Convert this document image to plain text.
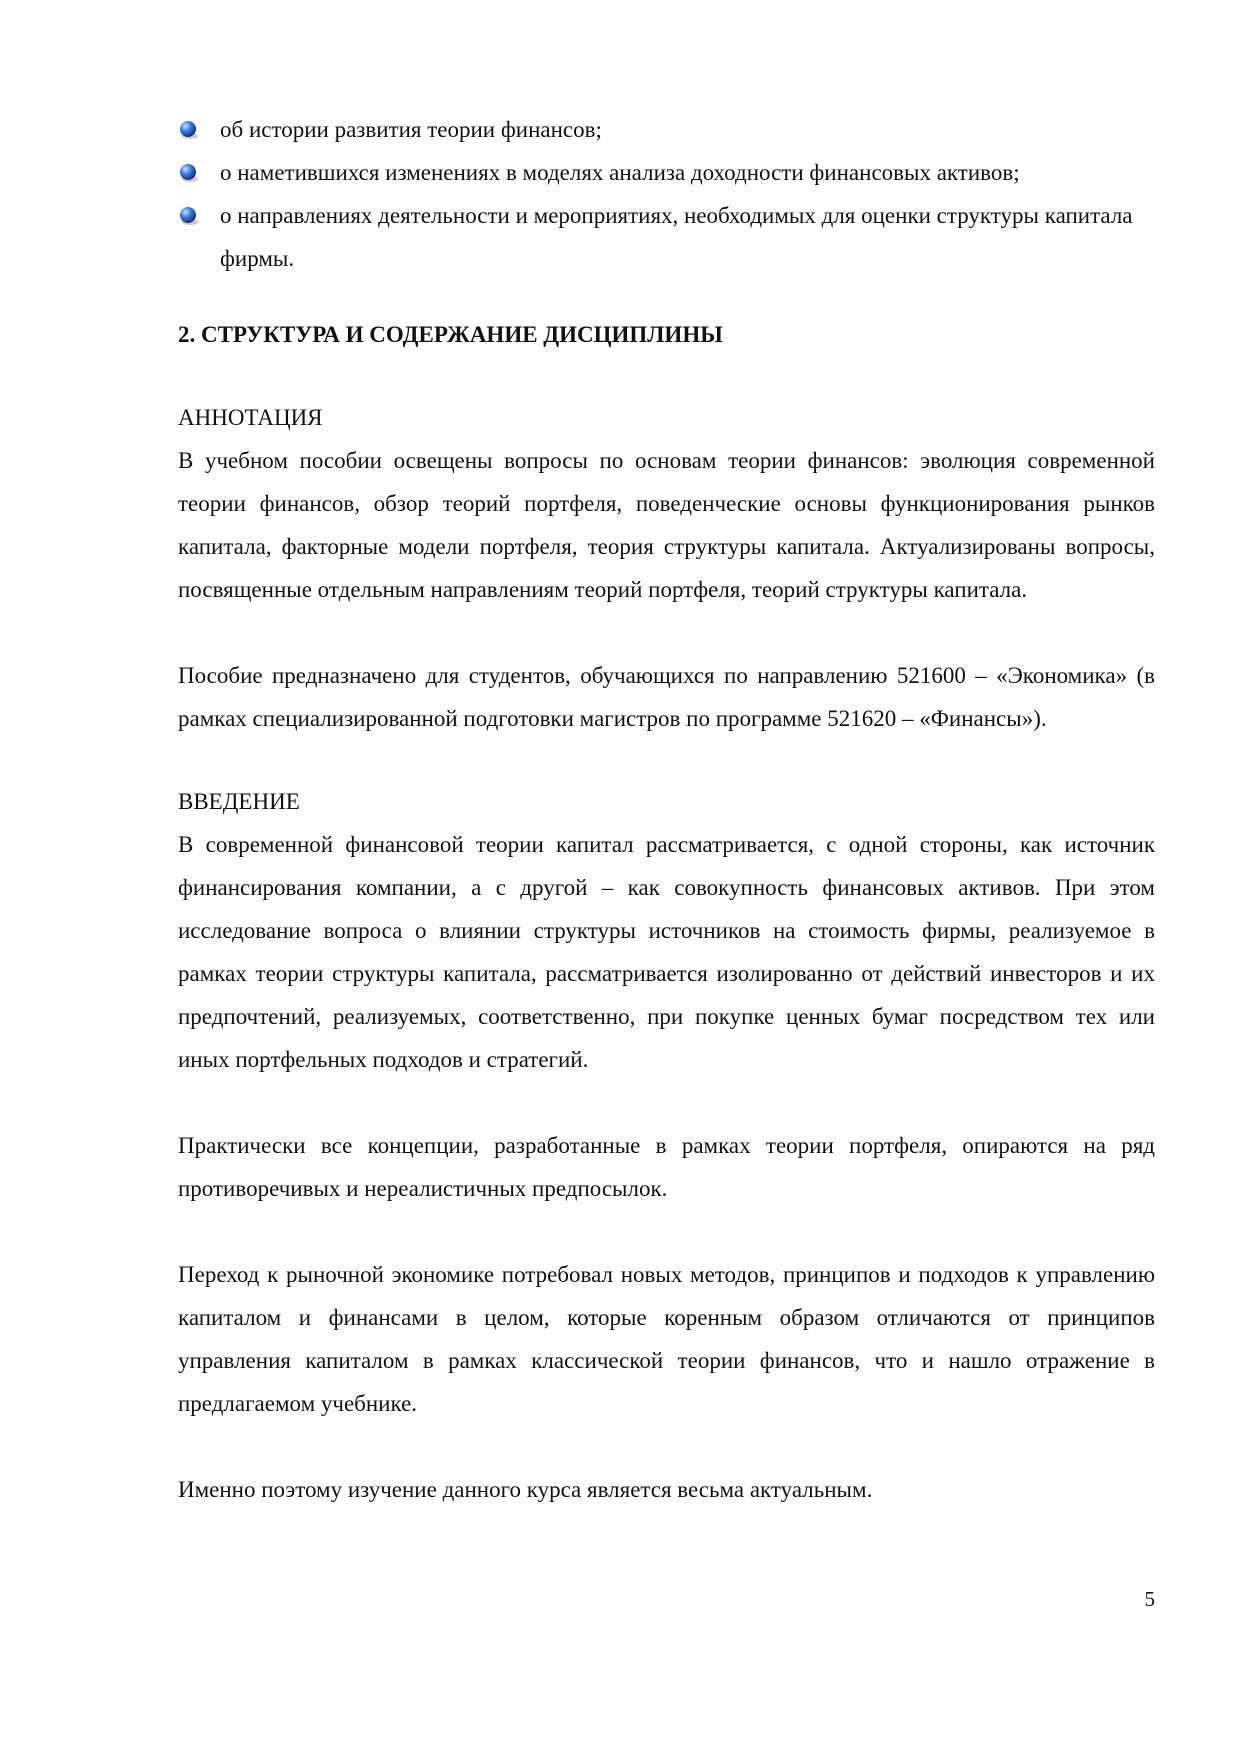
об истории развития теории финансов;
о наметившихся изменениях в моделях анализа доходности финансовых активов;
о направлениях деятельности и мероприятиях, необходимых для оценки структуры капитала фирмы.
2. СТРУКТУРА И СОДЕРЖАНИЕ ДИСЦИПЛИНЫ
АННОТАЦИЯ

В учебном пособии освещены вопросы по основам теории финансов: эволюция современной теории финансов, обзор теорий портфеля, поведенческие основы функционирования рынков капитала, факторные модели портфеля, теория структуры капитала. Актуализированы вопросы, посвященные отдельным направлениям теорий портфеля, теорий структуры капитала.

Пособие предназначено для студентов, обучающихся по направлению 521600 – «Экономика» (в рамках специализированной подготовки магистров по программе 521620 – «Финансы»).

ВВЕДЕНИЕ

В современной финансовой теории капитал рассматривается, с одной стороны, как источник финансирования компании, а с другой – как совокупность финансовых активов. При этом исследование вопроса о влиянии структуры источников на стоимость фирмы, реализуемое в рамках теории структуры капитала, рассматривается изолированно от действий инвесторов и их предпочтений, реализуемых, соответственно, при покупке ценных бумаг посредством тех или иных портфельных подходов и стратегий.

Практически все концепции, разработанные в рамках теории портфеля, опираются на ряд противоречивых и нереалистичных предпосылок.

Переход к рыночной экономике потребовал новых методов, принципов и подходов к управлению капиталом и финансами в целом, которые коренным образом отличаются от принципов управления капиталом в рамках классической теории финансов, что и нашло отражение в предлагаемом учебнике.

Именно поэтому изучение данного курса является весьма актуальным.

5
